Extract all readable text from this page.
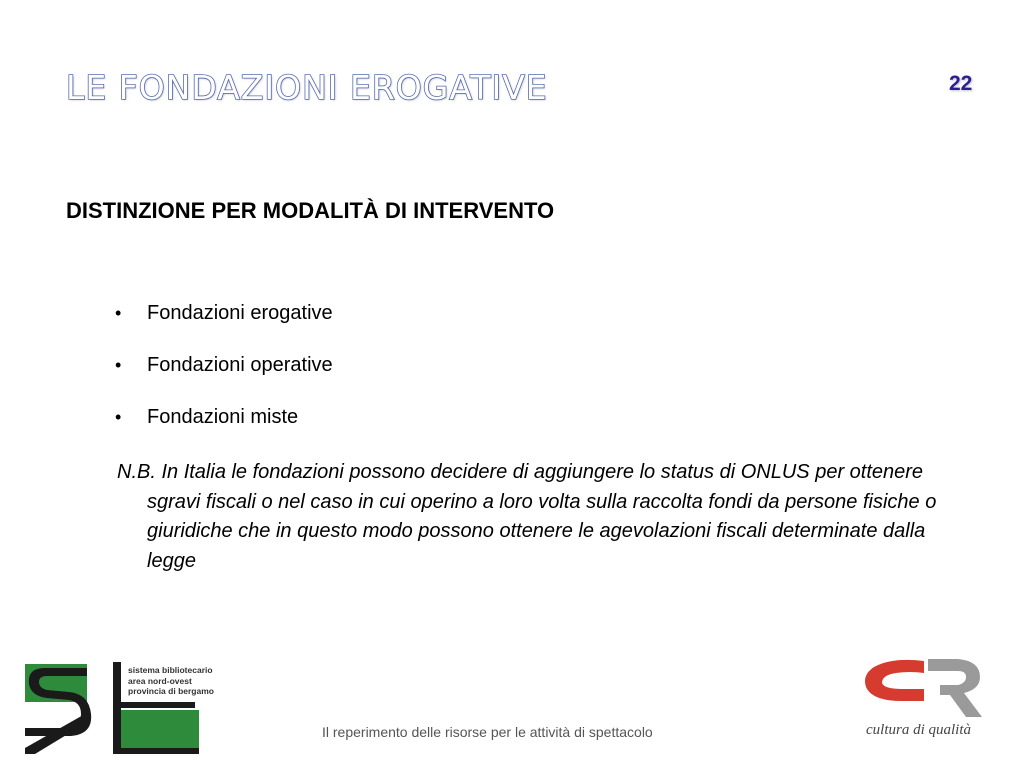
LE FONDAZIONI EROGATIVE	22
DISTINZIONE PER MODALITÀ DI INTERVENTO
•	Fondazioni erogative
•	Fondazioni operative
•	Fondazioni miste
N.B. In Italia le fondazioni possono decidere di aggiungere lo status di ONLUS per ottenere sgravi fiscali o nel caso in cui operino a loro volta sulla raccolta fondi da persone fisiche o giuridiche che in questo modo possono ottenere le agevolazioni fiscali determinate dalla legge
sistema bibliotecario
area nord-ovest
provincia di bergamo
Il reperimento delle risorse per le attività di spettacolo	cultura di qualità
